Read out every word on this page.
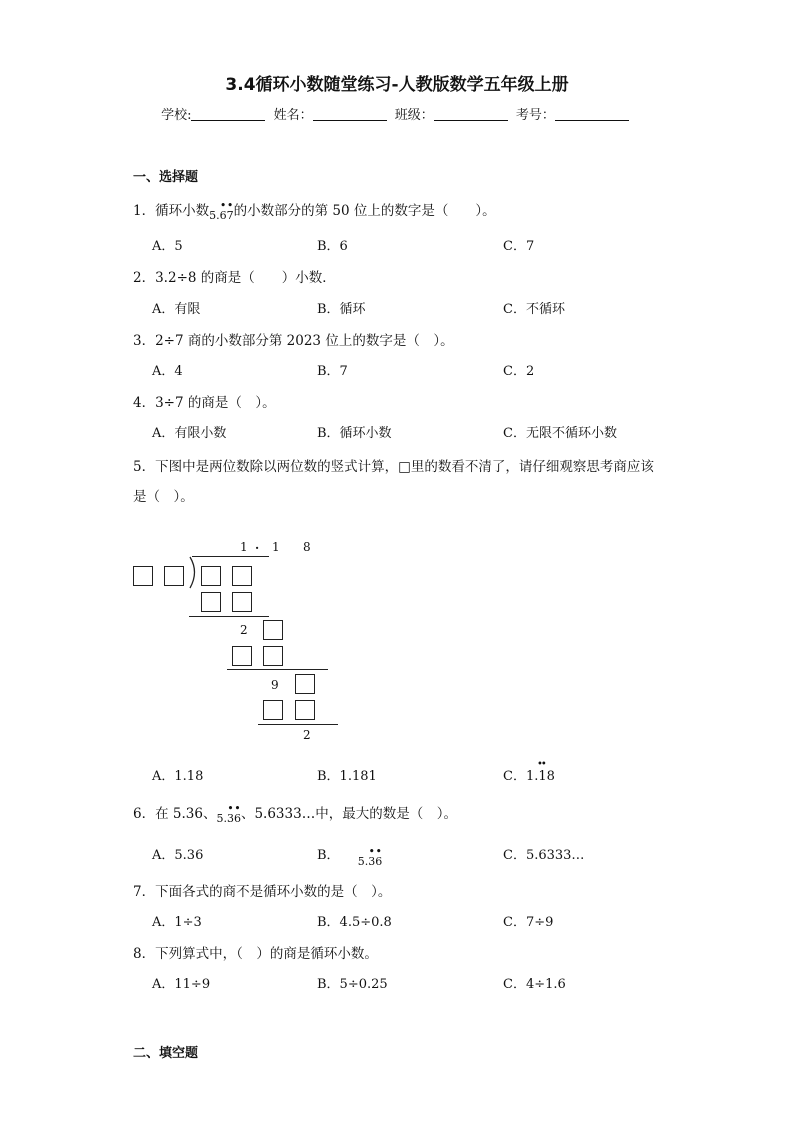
3.4循环小数随堂练习-人教版数学五年级上册
学校:	姓名：	班级：	考号：
一、选择题
1．循环小数5.
•
6
•
7的小数部分的第 50 位上的数字是（　　）。
A．5	B．6	C．7
2．3.2÷8 的商是（　　）小数．
A．有限	B．循环	C．不循环
3．2÷7 商的小数部分第 2023 位上的数字是（　）。
A．4	B．7	C．2
4．3÷7 的商是（　）。
A．有限小数	B．循环小数	C．无限不循环小数
5．下图中是两位数除以两位数的竖式计算，□里的数看不清了，请仔细观察思考商应该
是（　）。
1 . 1 8
2
9
2
A．1.18	B．1.181	C．1.18
••
6．在 5.36、5.
•
3
•
6、5.6333…中，最大的数是（　）。
A．5.36	B． 5.
•
3
•
6	C．5.6333…
7．下面各式的商不是循环小数的是（　）。
A．1÷3	B．4.5÷0.8	C．7÷9
8．下列算式中，（　）的商是循环小数。
A．11÷9	B．5÷0.25	C．4÷1.6
二、填空题
